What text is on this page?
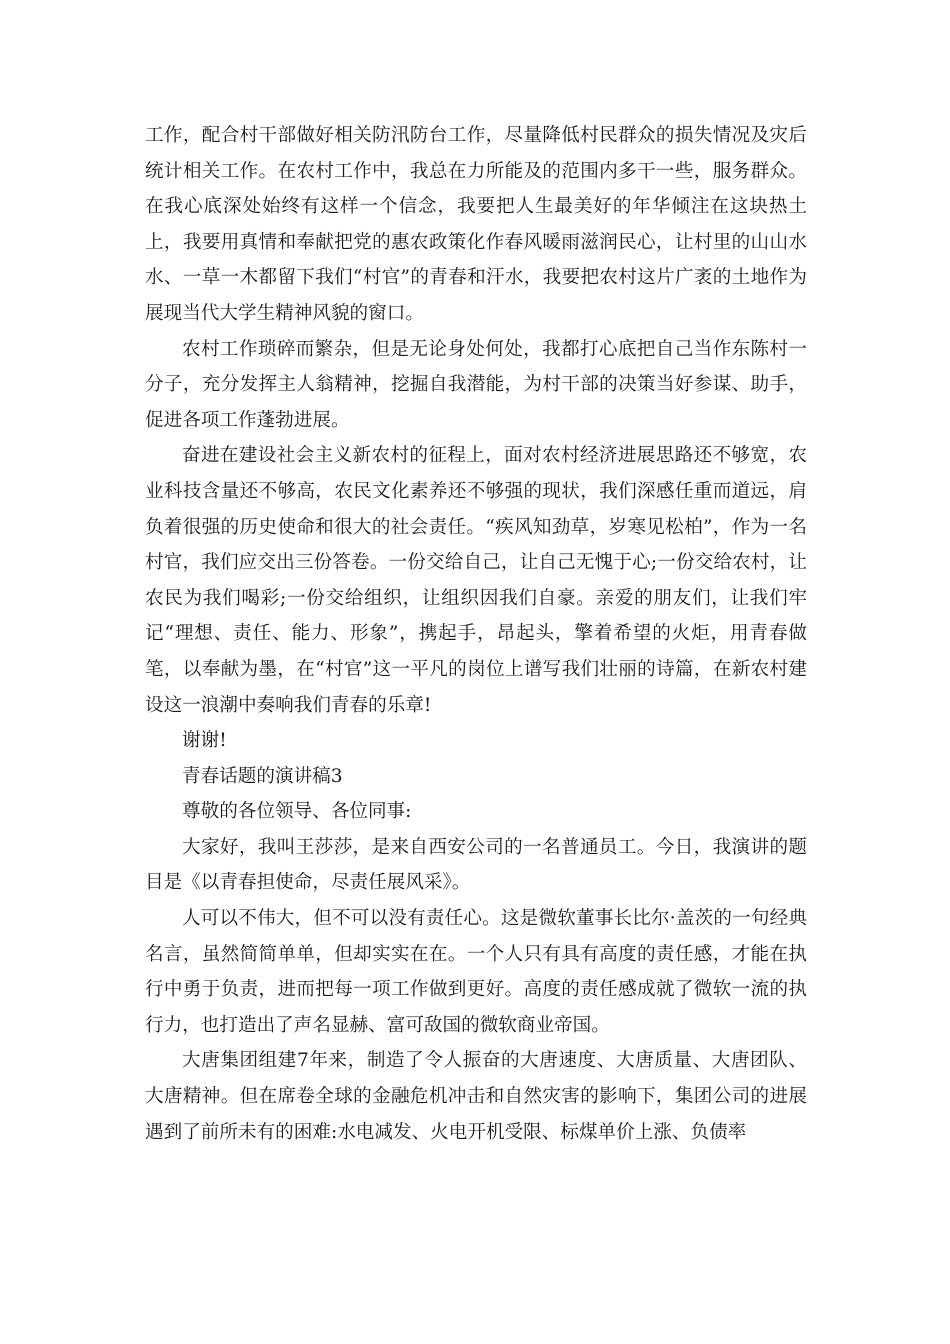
工作，配合村干部做好相关防汛防台工作，尽量降低村民群众的损失情况及灾后统计相关工作。在农村工作中，我总在力所能及的范围内多干一些，服务群众。在我心底深处始终有这样一个信念，我要把人生最美好的年华倾注在这块热土上，我要用真情和奉献把党的惠农政策化作春风暖雨滋润民心，让村里的山山水水、一草一木都留下我们“村官”的青春和汗水，我要把农村这片广袤的土地作为展现当代大学生精神风貌的窗口。

农村工作琐碎而繁杂，但是无论身处何处，我都打心底把自己当作东陈村一分子，充分发挥主人翁精神，挖掘自我潜能，为村干部的决策当好参谋、助手，促进各项工作蓬勃进展。

奋进在建设社会主义新农村的征程上，面对农村经济进展思路还不够宽，农业科技含量还不够高，农民文化素养还不够强的现状，我们深感任重而道远，肩负着很强的历史使命和很大的社会责任。“疾风知劲草，岁寒见松柏”，作为一名村官，我们应交出三份答卷。一份交给自己，让自己无愧于心;一份交给农村，让农民为我们喝彩;一份交给组织，让组织因我们自豪。亲爱的朋友们，让我们牢记“理想、责任、能力、形象”，携起手，昂起头，擎着希望的火炬，用青春做笔，以奉献为墨，在“村官”这一平凡的岗位上谱写我们壮丽的诗篇，在新农村建设这一浪潮中奏响我们青春的乐章!

谢谢!

青春话题的演讲稿3

尊敬的各位领导、各位同事:

大家好，我叫王莎莎，是来自西安公司的一名普通员工。今日，我演讲的题目是《以青春担使命，尽责任展风采》。

人可以不伟大，但不可以没有责任心。这是微软董事长比尔·盖茨的一句经典名言，虽然简简单单，但却实实在在。一个人只有具有高度的责任感，才能在执行中勇于负责，进而把每一项工作做到更好。高度的责任感成就了微软一流的执行力，也打造出了声名显赫、富可敌国的微软商业帝国。

大唐集团组建7年来，制造了令人振奋的大唐速度、大唐质量、大唐团队、大唐精神。但在席卷全球的金融危机冲击和自然灾害的影响下，集团公司的进展遇到了前所未有的困难:水电减发、火电开机受限、标煤单价上涨、负债率
